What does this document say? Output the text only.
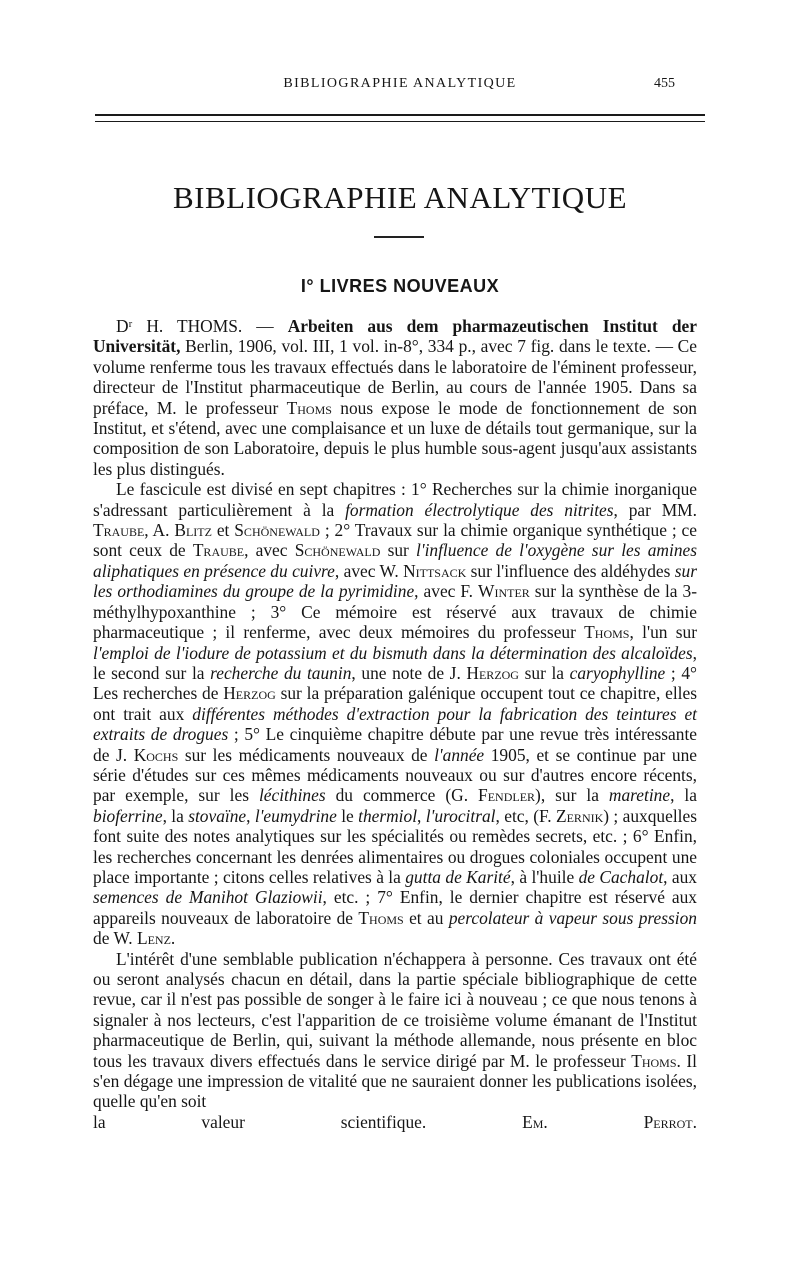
BIBLIOGRAPHIE ANALYTIQUE	455
BIBLIOGRAPHIE ANALYTIQUE
I° LIVRES NOUVEAUX

Dʳ H. THOMS. — Arbeiten aus dem pharmazeutischen Institut der Universität, Berlin, 1906, vol. III, 1 vol. in-8°, 334 p., avec 7 fig. dans le texte. — Ce volume renferme tous les travaux effectués dans le laboratoire de l'éminent professeur, directeur de l'Institut pharmaceutique de Berlin, au cours de l'année 1905. Dans sa préface, M. le professeur Thoms nous expose le mode de fonctionnement de son Institut, et s'étend, avec une complaisance et un luxe de détails tout germanique, sur la composition de son Laboratoire, depuis le plus humble sous-agent jusqu'aux assistants les plus distingués.

Le fascicule est divisé en sept chapitres : 1° Recherches sur la chimie inorganique s'adressant particulièrement à la formation électrolytique des nitrites, par MM. Traube, A. Blitz et Schönewald ; 2° Travaux sur la chimie organique synthétique ; ce sont ceux de Traube, avec Schönewald sur l'influence de l'oxygène sur les amines aliphatiques en présence du cuivre, avec W. Nittsack sur l'influence des aldéhydes sur les orthodiamines du groupe de la pyrimidine, avec F. Winter sur la synthèse de la 3-méthylhypoxanthine ; 3° Ce mémoire est réservé aux travaux de chimie pharmaceutique ; il renferme, avec deux mémoires du professeur Thoms, l'un sur l'emploi de l'iodure de potassium et du bismuth dans la détermination des alcaloïdes, le second sur la recherche du taunin, une note de J. Herzog sur la caryophylline ; 4° Les recherches de Herzog sur la préparation galénique occupent tout ce chapitre, elles ont trait aux différentes méthodes d'extraction pour la fabrication des teintures et extraits de drogues ; 5° Le cinquième chapitre débute par une revue très intéressante de J. Kochs sur les médicaments nouveaux de l'année 1905, et se continue par une série d'études sur ces mêmes médicaments nouveaux ou sur d'autres encore récents, par exemple, sur les lécithines du commerce (G. Fendler), sur la maretine, la bioferrine, la stovaïne, l'eumydrine le thermiol, l'urocitral, etc, (F. Zernik) ; auxquelles font suite des notes analytiques sur les spécialités ou remèdes secrets, etc. ; 6° Enfin, les recherches concernant les denrées alimentaires ou drogues coloniales occupent une place importante ; citons celles relatives à la gutta de Karité, à l'huile de Cachalot, aux semences de Manihot Glaziowii, etc. ; 7° Enfin, le dernier chapitre est réservé aux appareils nouveaux de laboratoire de Thoms et au percolateur à vapeur sous pression de W. Lenz.

L'intérêt d'une semblable publication n'échappera à personne. Ces travaux ont été ou seront analysés chacun en détail, dans la partie spéciale bibliographique de cette revue, car il n'est pas possible de songer à le faire ici à nouveau ; ce que nous tenons à signaler à nos lecteurs, c'est l'apparition de ce troisième volume émanant de l'Institut pharmaceutique de Berlin, qui, suivant la méthode allemande, nous présente en bloc tous les travaux divers effectués dans le service dirigé par M. le professeur Thoms. Il s'en dégage une impression de vitalité que ne sauraient donner les publications isolées, quelle qu'en soit

la valeur scientifique.	Em. Perrot.
